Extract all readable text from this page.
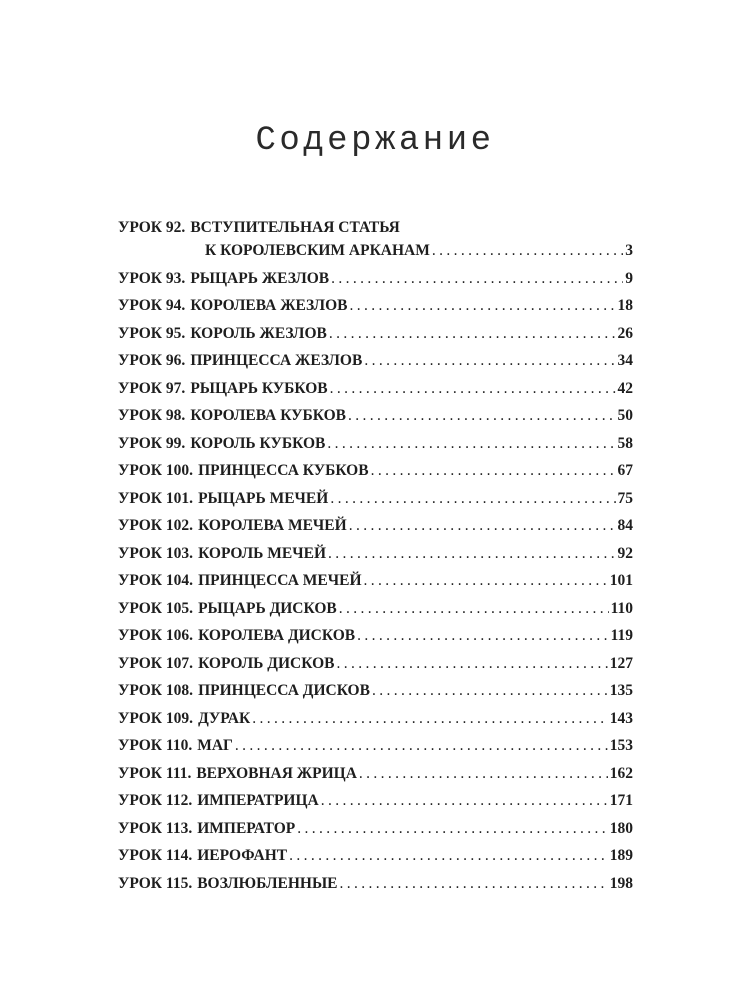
Содержание
УРОК 92. ВСТУПИТЕЛЬНАЯ СТАТЬЯ
К КОРОЛЕВСКИМ АРКАНАМ . . .	3
УРОК 93. РЫЦАРЬ ЖЕЗЛОВ . . .	9
УРОК 94. КОРОЛЕВА ЖЕЗЛОВ . . .	18
УРОК 95. КОРОЛЬ ЖЕЗЛОВ . . .	26
УРОК 96. ПРИНЦЕССА ЖЕЗЛОВ . . .	34
УРОК 97. РЫЦАРЬ КУБКОВ . . .	42
УРОК 98. КОРОЛЕВА КУБКОВ . . .	50
УРОК 99. КОРОЛЬ КУБКОВ . . .	58
УРОК 100. ПРИНЦЕССА КУБКОВ . . .	67
УРОК 101. РЫЦАРЬ МЕЧЕЙ . . .	75
УРОК 102. КОРОЛЕВА МЕЧЕЙ . . .	84
УРОК 103. КОРОЛЬ МЕЧЕЙ . . .	92
УРОК 104. ПРИНЦЕССА МЕЧЕЙ . . .	101
УРОК 105. РЫЦАРЬ ДИСКОВ . . .	110
УРОК 106. КОРОЛЕВА ДИСКОВ . . .	119
УРОК 107. КОРОЛЬ ДИСКОВ . . .	127
УРОК 108. ПРИНЦЕССА ДИСКОВ . . .	135
УРОК 109. ДУРАК . . .	143
УРОК 110. МАГ . . .	153
УРОК 111. ВЕРХОВНАЯ ЖРИЦА . . .	162
УРОК 112. ИМПЕРАТРИЦА . . .	171
УРОК 113. ИМПЕРАТОР . . .	180
УРОК 114. ИЕРОФАНТ . . .	189
УРОК 115. ВОЗЛЮБЛЕННЫЕ . . .	198
